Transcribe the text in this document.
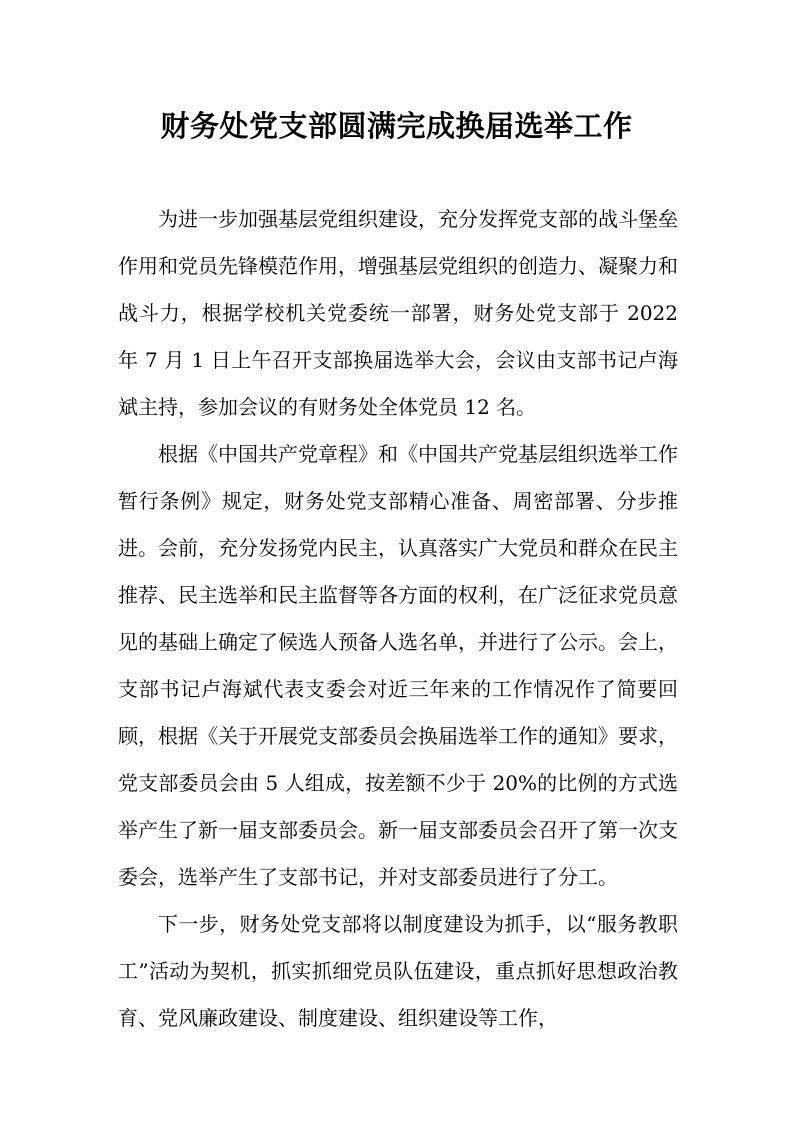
财务处党支部圆满完成换届选举工作

为进一步加强基层党组织建设，充分发挥党支部的战斗堡垒作用和党员先锋模范作用，增强基层党组织的创造力、凝聚力和战斗力，根据学校机关党委统一部署，财务处党支部于 2022 年 7 月 1 日上午召开支部换届选举大会，会议由支部书记卢海斌主持，参加会议的有财务处全体党员 12 名。

根据《中国共产党章程》和《中国共产党基层组织选举工作暂行条例》规定，财务处党支部精心准备、周密部署、分步推进。会前，充分发扬党内民主，认真落实广大党员和群众在民主推荐、民主选举和民主监督等各方面的权利，在广泛征求党员意见的基础上确定了候选人预备人选名单，并进行了公示。会上，支部书记卢海斌代表支委会对近三年来的工作情况作了简要回顾，根据《关于开展党支部委员会换届选举工作的通知》要求，党支部委员会由 5 人组成，按差额不少于 20%的比例的方式选举产生了新一届支部委员会。新一届支部委员会召开了第一次支委会，选举产生了支部书记，并对支部委员进行了分工。

下一步，财务处党支部将以制度建设为抓手，以“服务教职工”活动为契机，抓实抓细党员队伍建设，重点抓好思想政治教育、党风廉政建设、制度建设、组织建设等工作，
